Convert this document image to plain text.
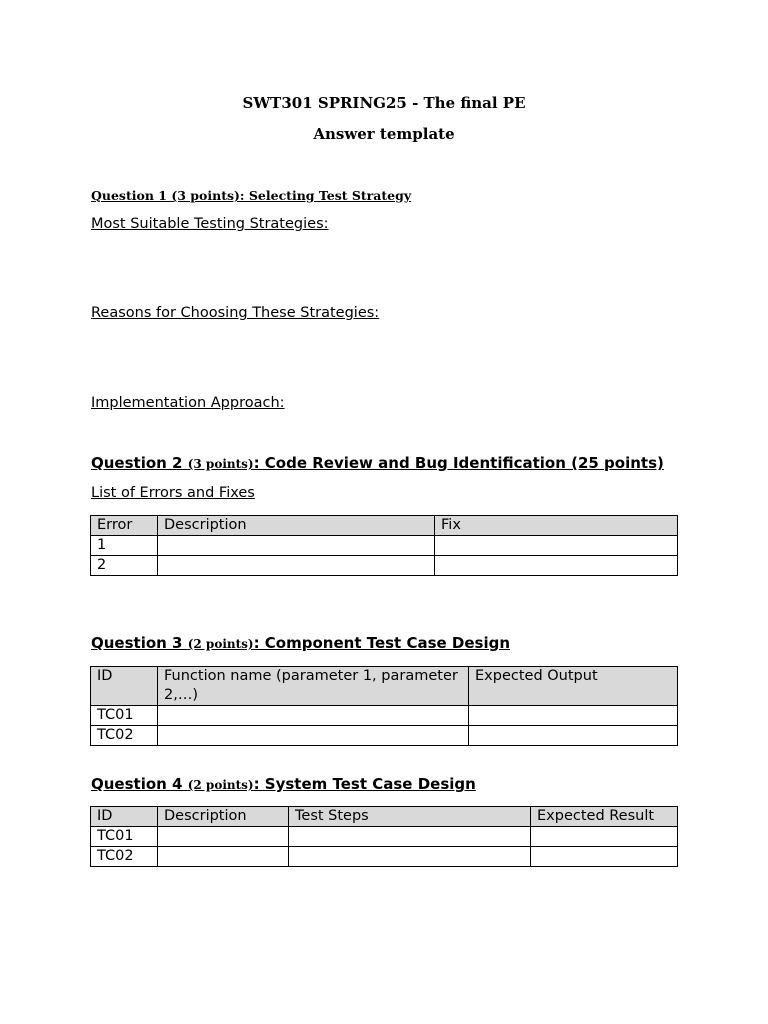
SWT301 SPRING25 - The final PE
Answer template
Question 1 (3 points): Selecting Test Strategy
Most Suitable Testing Strategies:
Reasons for Choosing These Strategies:
Implementation Approach:
Question 2 (3 points): Code Review and Bug Identification (25 points)
List of Errors and Fixes
Error	Description	Fix
1		
2		
Question 3 (2 points): Component Test Case Design
ID	Function name (parameter 1, parameter 2,…)	Expected Output
TC01		
TC02		
Question 4 (2 points): System Test Case Design
ID	Description	Test Steps	Expected Result
TC01			
TC02			
